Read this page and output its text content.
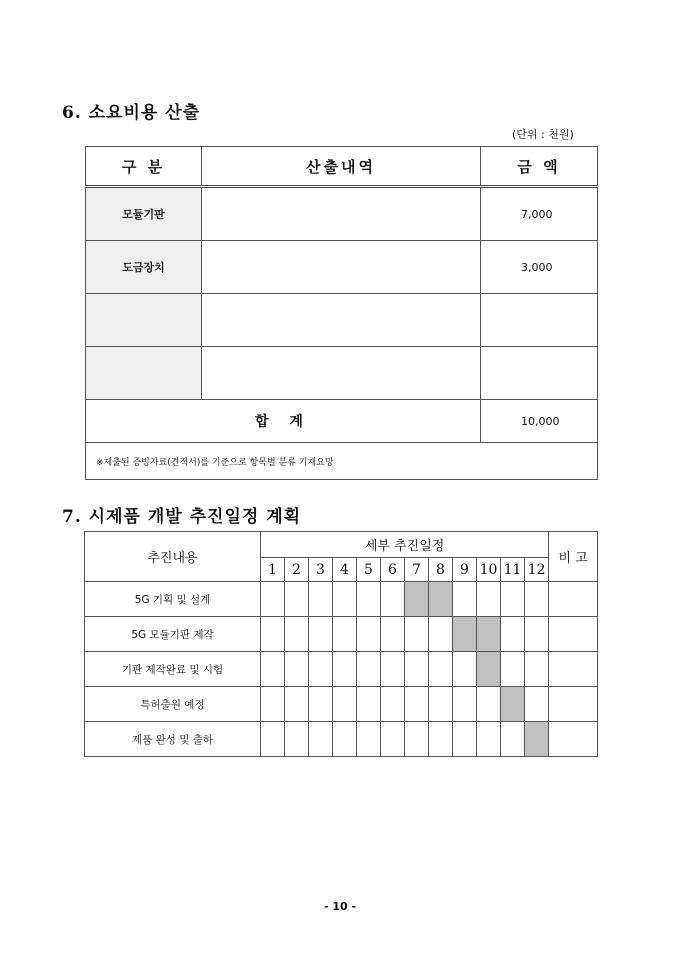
6. 소요비용 산출
(단위 : 천원)
구 분	산출내역	금 액
모듈기판		7,000
도금장치		3,000

합 계		10,000
※제출된 증빙자료(견적서)를 기준으로 항목별 분류 기재요망		
7. 시제품 개발 추진일정 계획
추진내용	세부 추진일정												비 고
	1	2	3	4	5	6	7	8	9	10	11	12	
5G 기획 및 설계													
5G 모듈기판 제작													
기판 제작완료 및 시험													
특허출원 예정													
제품 완성 및 출하													
- 10 -
